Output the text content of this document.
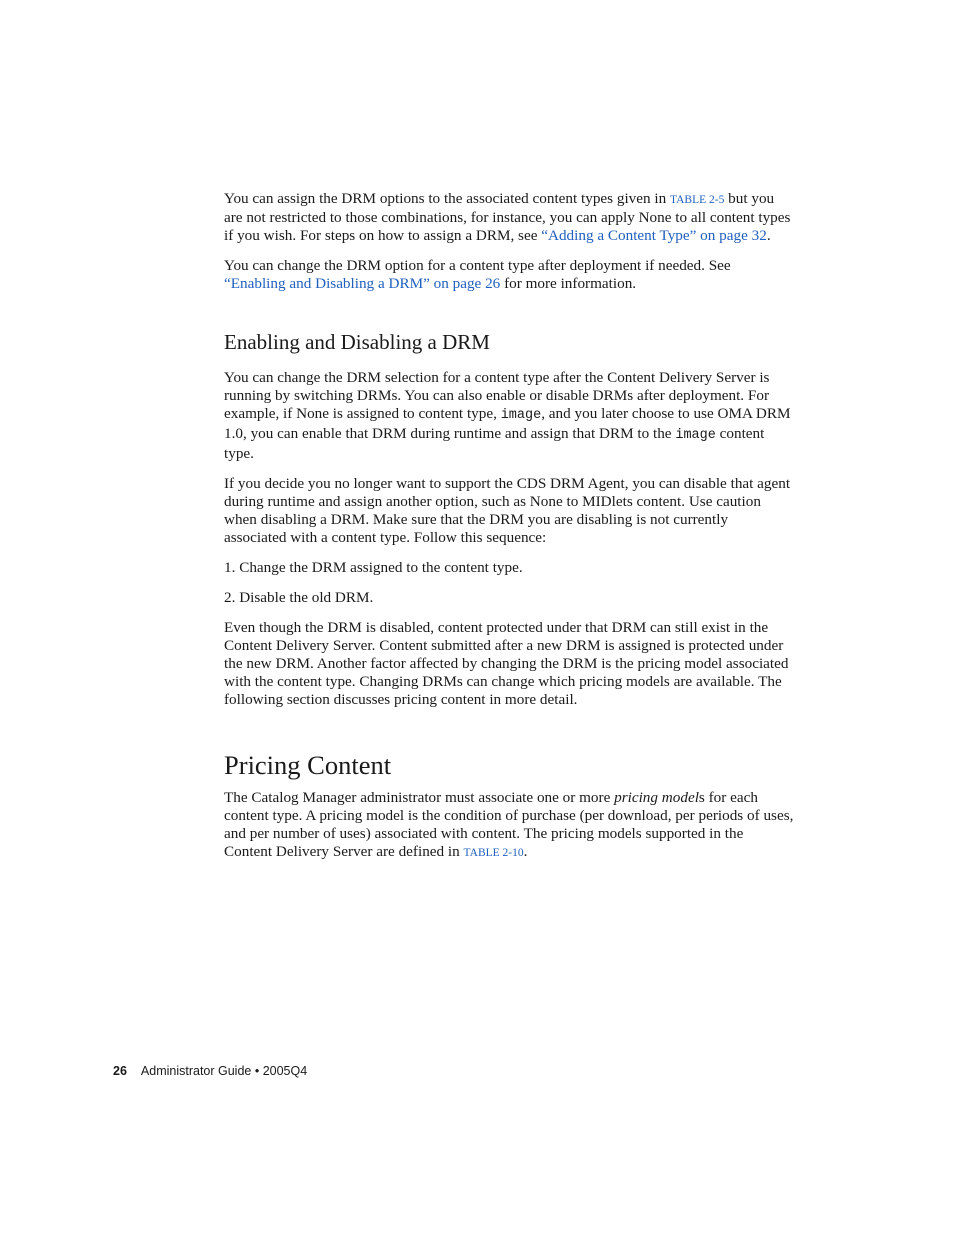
You can assign the DRM options to the associated content types given in TABLE 2-5 but you are not restricted to those combinations, for instance, you can apply None to all content types if you wish. For steps on how to assign a DRM, see “Adding a Content Type” on page 32.

You can change the DRM option for a content type after deployment if needed. See “Enabling and Disabling a DRM” on page 26 for more information.

Enabling and Disabling a DRM

You can change the DRM selection for a content type after the Content Delivery Server is running by switching DRMs. You can also enable or disable DRMs after deployment. For example, if None is assigned to content type, image, and you later choose to use OMA DRM 1.0, you can enable that DRM during runtime and assign that DRM to the image content type.

If you decide you no longer want to support the CDS DRM Agent, you can disable that agent during runtime and assign another option, such as None to MIDlets content. Use caution when disabling a DRM. Make sure that the DRM you are disabling is not currently associated with a content type. Follow this sequence:

1. Change the DRM assigned to the content type.
2. Disable the old DRM.

Even though the DRM is disabled, content protected under that DRM can still exist in the Content Delivery Server. Content submitted after a new DRM is assigned is protected under the new DRM. Another factor affected by changing the DRM is the pricing model associated with the content type. Changing DRMs can change which pricing models are available. The following section discusses pricing content in more detail.

Pricing Content

The Catalog Manager administrator must associate one or more pricing models for each content type. A pricing model is the condition of purchase (per download, per periods of uses, and per number of uses) associated with content. The pricing models supported in the Content Delivery Server are defined in TABLE 2-10.

26 Administrator Guide • 2005Q4
